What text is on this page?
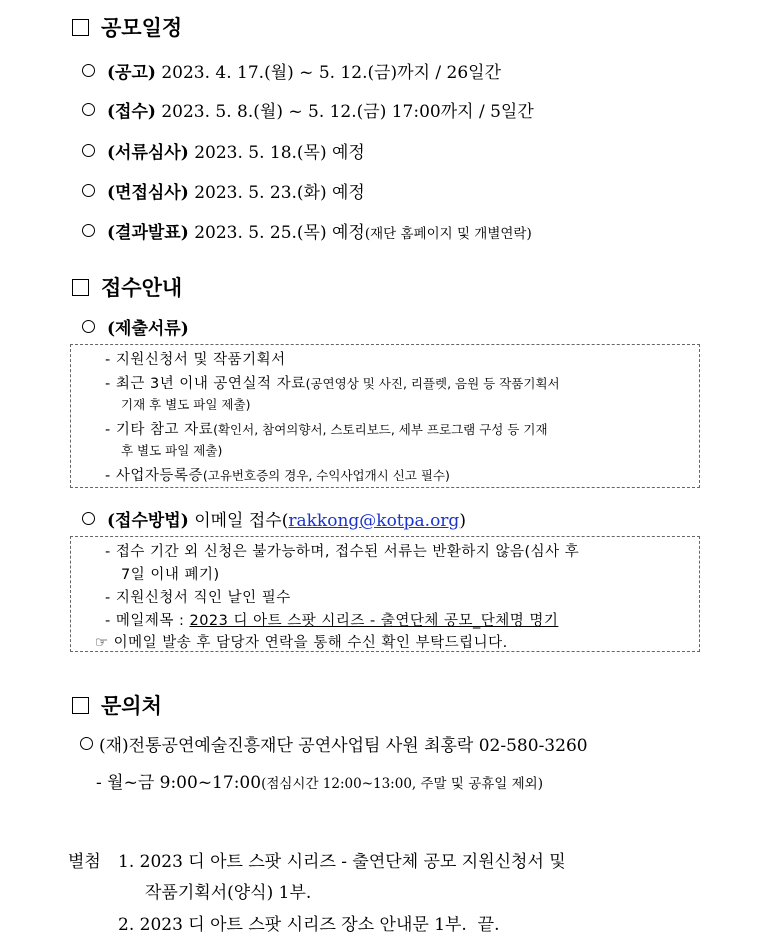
공모일정
(공고) 2023. 4. 17.(월) ~ 5. 12.(금)까지 / 26일간
(접수) 2023. 5. 8.(월) ~ 5. 12.(금) 17:00까지 / 5일간
(서류심사) 2023. 5. 18.(목) 예정
(면접심사) 2023. 5. 23.(화) 예정
(결과발표) 2023. 5. 25.(목) 예정(재단 홈페이지 및 개별연락)
접수안내
(제출서류)
- 지원신청서 및 작품기획서
- 최근 3년 이내 공연실적 자료(공연영상 및 사진, 리플렛, 음원 등 작품기획서
기재 후 별도 파일 제출)
- 기타 참고 자료(확인서, 참여의향서, 스토리보드, 세부 프로그램 구성 등 기재
후 별도 파일 제출)
- 사업자등록증(고유번호증의 경우, 수익사업개시 신고 필수)
(접수방법) 이메일 접수(rakkong@kotpa.org)
- 접수 기간 외 신청은 불가능하며, 접수된 서류는 반환하지 않음(심사 후
7일 이내 폐기)
- 지원신청서 직인 날인 필수
- 메일제목 : 2023 디 아트 스팟 시리즈 - 출연단체 공모_단체명 명기
☞ 이메일 발송 후 담당자 연락을 통해 수신 확인 부탁드립니다.
문의처
(재)전통공연예술진흥재단 공연사업팀 사원 최홍락 02-580-3260
- 월~금 9:00~17:00(점심시간 12:00~13:00, 주말 및 공휴일 제외)
별첨 1. 2023 디 아트 스팟 시리즈 - 출연단체 공모 지원신청서 및
작품기획서(양식) 1부.
2. 2023 디 아트 스팟 시리즈 장소 안내문 1부. 끝.
